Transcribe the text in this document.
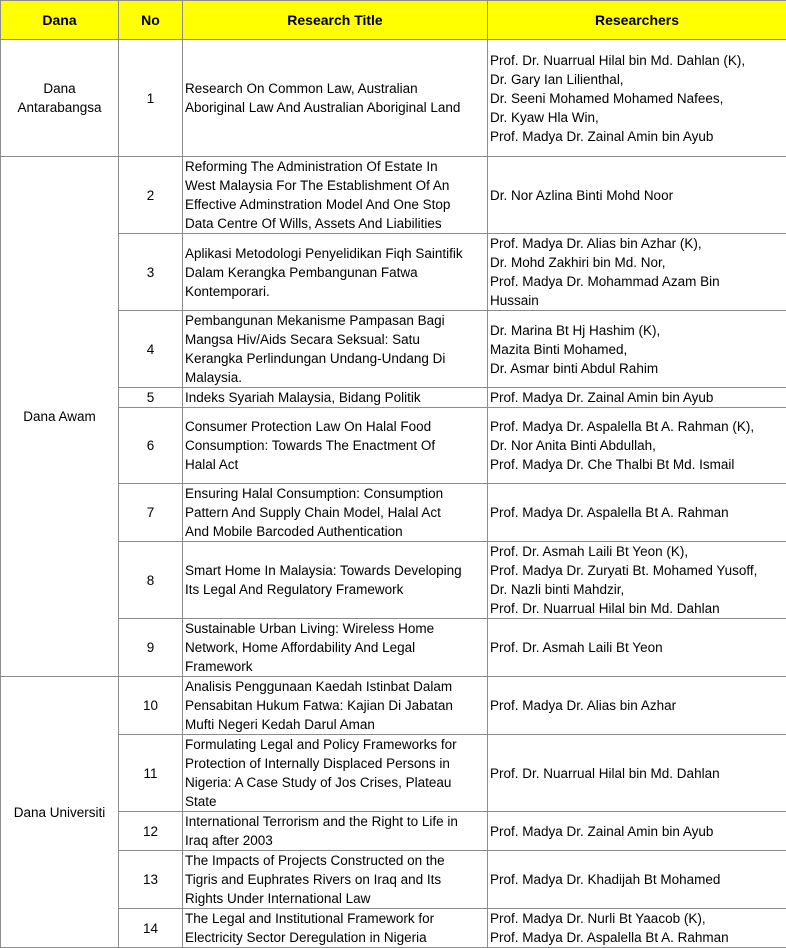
Dana	No	Research Title	Researchers

Dana
Antarabangsa	1	Research On Common Law, Australian
Aboriginal Law And Australian Aboriginal Land	Prof. Dr. Nuarrual Hilal bin Md. Dahlan (K),
Dr. Gary Ian Lilienthal,
Dr. Seeni Mohamed Mohamed Nafees,
Dr. Kyaw Hla Win,
Prof. Madya Dr. Zainal Amin bin Ayub

Dana Awam	2	Reforming The Administration Of Estate In
West Malaysia For The Establishment Of An
Effective Adminstration Model And One Stop
Data Centre Of Wills, Assets And Liabilities	Dr. Nor Azlina Binti Mohd Noor

	3	Aplikasi Metodologi Penyelidikan Fiqh Saintifik
Dalam Kerangka Pembangunan Fatwa
Kontemporari.	Prof. Madya Dr. Alias bin Azhar (K),
Dr. Mohd Zakhiri bin Md. Nor,
Prof. Madya Dr. Mohammad Azam Bin
Hussain

	4	Pembangunan Mekanisme Pampasan Bagi
Mangsa Hiv/Aids Secara Seksual: Satu
Kerangka Perlindungan Undang-Undang Di
Malaysia.	Dr. Marina Bt Hj Hashim (K),
Mazita Binti Mohamed,
Dr. Asmar binti Abdul Rahim

	5	Indeks Syariah Malaysia, Bidang Politik	Prof. Madya Dr. Zainal Amin bin Ayub

	6	Consumer Protection Law On Halal Food
Consumption: Towards The Enactment Of
Halal Act	Prof. Madya Dr. Aspalella Bt A. Rahman (K),
Dr. Nor Anita Binti Abdullah,
Prof. Madya Dr. Che Thalbi Bt Md. Ismail

	7	Ensuring Halal Consumption: Consumption
Pattern And Supply Chain Model, Halal Act
And Mobile Barcoded Authentication	Prof. Madya Dr. Aspalella Bt A. Rahman

	8	Smart Home In Malaysia: Towards Developing
Its Legal And Regulatory Framework	Prof. Dr. Asmah Laili Bt Yeon (K),
Prof. Madya Dr. Zuryati Bt. Mohamed Yusoff,
Dr. Nazli binti Mahdzir,
Prof. Dr. Nuarrual Hilal bin Md. Dahlan

	9	Sustainable Urban Living: Wireless Home
Network, Home Affordability And Legal
Framework	Prof. Dr. Asmah Laili Bt Yeon

Dana Universiti	10	Analisis Penggunaan Kaedah Istinbat Dalam
Pensabitan Hukum Fatwa: Kajian Di Jabatan
Mufti Negeri Kedah Darul Aman	Prof. Madya Dr. Alias bin Azhar

	11	Formulating Legal and Policy Frameworks for
Protection of Internally Displaced Persons in
Nigeria: A Case Study of Jos Crises, Plateau
State	Prof. Dr. Nuarrual Hilal bin Md. Dahlan

	12	International Terrorism and the Right to Life in
Iraq after 2003	Prof. Madya Dr. Zainal Amin bin Ayub

	13	The Impacts of Projects Constructed on the
Tigris and Euphrates Rivers on Iraq and Its
Rights Under International Law	Prof. Madya Dr. Khadijah Bt Mohamed

	14	The Legal and Institutional Framework for
Electricity Sector Deregulation in Nigeria	Prof. Madya Dr. Nurli Bt Yaacob (K),
Prof. Madya Dr. Aspalella Bt A. Rahman
